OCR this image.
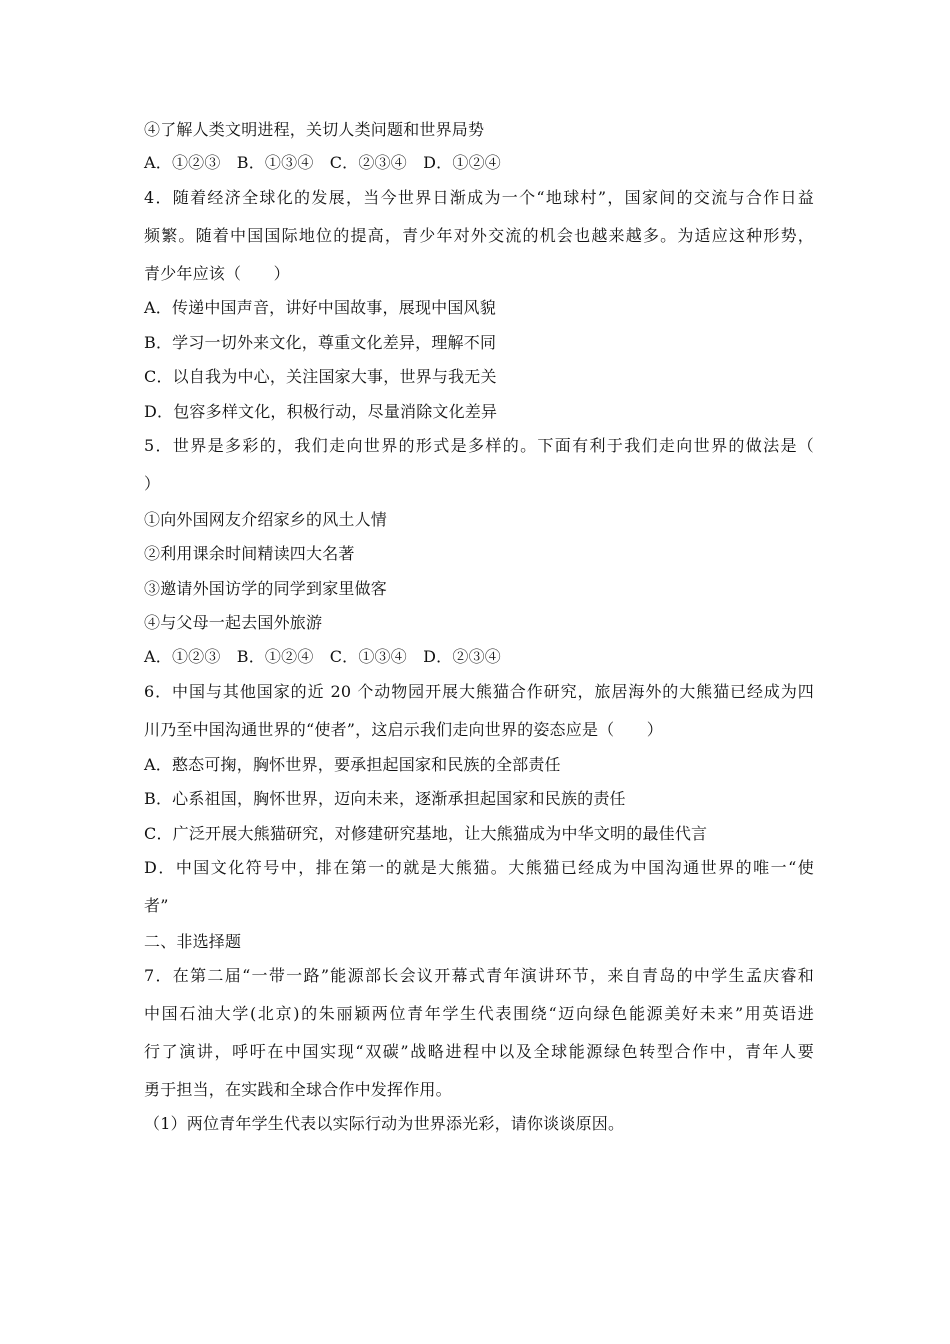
④了解人类文明进程，关切人类问题和世界局势
A．①②③　B．①③④　C．②③④　D．①②④
4．随着经济全球化的发展，当今世界日渐成为一个“地球村”，国家间的交流与合作日益
频繁。随着中国国际地位的提高，青少年对外交流的机会也越来越多。为适应这种形势，
青少年应该（　　）
A．传递中国声音，讲好中国故事，展现中国风貌
B．学习一切外来文化，尊重文化差异，理解不同
C．以自我为中心，关注国家大事，世界与我无关
D．包容多样文化，积极行动，尽量消除文化差异
5．世界是多彩的，我们走向世界的形式是多样的。下面有利于我们走向世界的做法是（
）
①向外国网友介绍家乡的风土人情
②利用课余时间精读四大名著
③邀请外国访学的同学到家里做客
④与父母一起去国外旅游
A．①②③　B．①②④　C．①③④　D．②③④
6．中国与其他国家的近 20 个动物园开展大熊猫合作研究，旅居海外的大熊猫已经成为四
川乃至中国沟通世界的“使者”，这启示我们走向世界的姿态应是（　　）
A．憨态可掬，胸怀世界，要承担起国家和民族的全部责任
B．心系祖国，胸怀世界，迈向未来，逐渐承担起国家和民族的责任
C．广泛开展大熊猫研究，对修建研究基地，让大熊猫成为中华文明的最佳代言
D．中国文化符号中，排在第一的就是大熊猫。大熊猫已经成为中国沟通世界的唯一“使
者”
二、非选择题
7．在第二届“一带一路”能源部长会议开幕式青年演讲环节，来自青岛的中学生孟庆睿和
中国石油大学(北京)的朱丽颖两位青年学生代表围绕“迈向绿色能源美好未来”用英语进
行了演讲，呼吁在中国实现“双碳”战略进程中以及全球能源绿色转型合作中，青年人要
勇于担当，在实践和全球合作中发挥作用。
（1）两位青年学生代表以实际行动为世界添光彩，请你谈谈原因。
